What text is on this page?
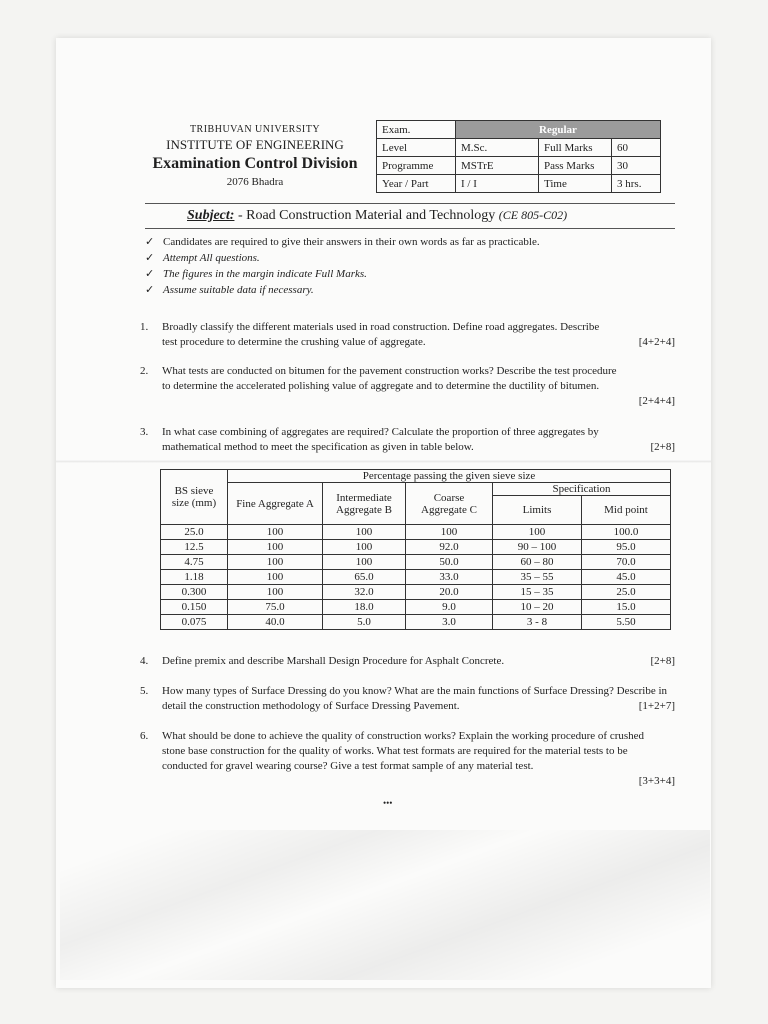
TRIBHUVAN UNIVERSITY
INSTITUTE OF ENGINEERING
Examination Control Division
2076 Bhadra
Exam.	Regular		
Level	M.Sc.	Full Marks	60
Programme	MSTrE	Pass Marks	30
Year / Part	I / I	Time	3 hrs.
Subject: - Road Construction Material and Technology (CE 805-C02)
✓ Candidates are required to give their answers in their own words as far as practicable.
✓ Attempt All questions.
✓ The figures in the margin indicate Full Marks.
✓ Assume suitable data if necessary.
1. Broadly classify the different materials used in road construction. Define road aggregates. Describe test procedure to determine the crushing value of aggregate.	[4+2+4]
2. What tests are conducted on bitumen for the pavement construction works? Describe the test procedure to determine the accelerated polishing value of aggregate and to determine the ductility of bitumen.
[2+4+4]
3. In what case combining of aggregates are required? Calculate the proportion of three aggregates by mathematical method to meet the specification as given in table below.	[2+8]
BS sieve size (mm)	Percentage passing the given sieve size				
	Fine Aggregate A	Intermediate Aggregate B	Coarse Aggregate C	Specification	
				Limits	Mid point
25.0	100	100	100	100	100.0
12.5	100	100	92.0	90 – 100	95.0
4.75	100	100	50.0	60 – 80	70.0
1.18	100	65.0	33.0	35 – 55	45.0
0.300	100	32.0	20.0	15 – 35	25.0
0.150	75.0	18.0	9.0	10 – 20	15.0
0.075	40.0	5.0	3.0	3 - 8	5.50
4. Define premix and describe Marshall Design Procedure for Asphalt Concrete.	[2+8]
5. How many types of Surface Dressing do you know? What are the main functions of Surface Dressing? Describe in detail the construction methodology of Surface Dressing Pavement.	[1+2+7]
6. What should be done to achieve the quality of construction works? Explain the working procedure of crushed stone base construction for the quality of works. What test formats are required for the material tests to be conducted for gravel wearing course? Give a test format sample of any material test.
[3+3+4]
•••
